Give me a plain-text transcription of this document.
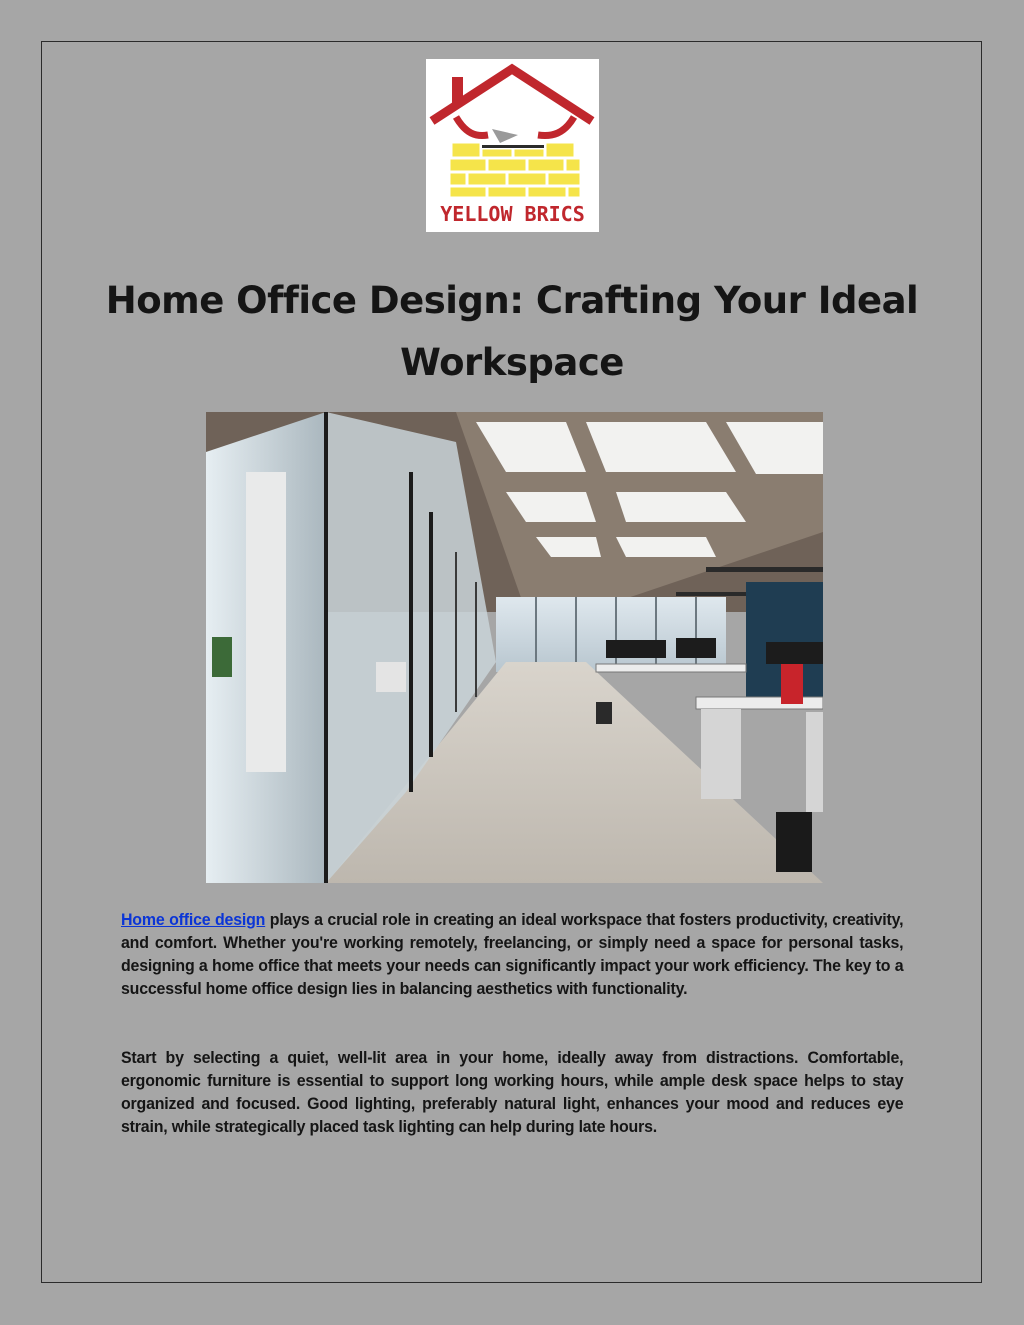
YELLOW BRICS
Home Office Design: Crafting Your Ideal Workspace

Home office design plays a crucial role in creating an ideal workspace that fosters productivity, creativity, and comfort. Whether you're working remotely, freelancing, or simply need a space for personal tasks, designing a home office that meets your needs can significantly impact your work efficiency. The key to a successful home office design lies in balancing aesthetics with functionality.

Start by selecting a quiet, well-lit area in your home, ideally away from distractions. Comfortable, ergonomic furniture is essential to support long working hours, while ample desk space helps to stay organized and focused. Good lighting, preferably natural light, enhances your mood and reduces eye strain, while strategically placed task lighting can help during late hours.
